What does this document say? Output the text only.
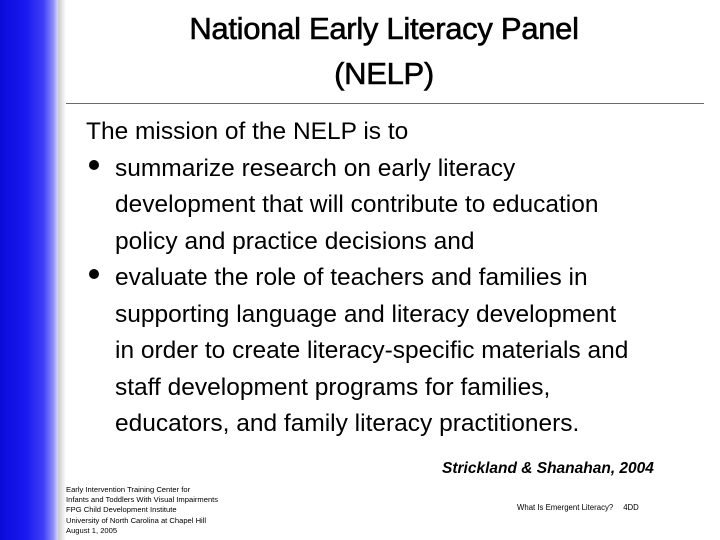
National Early Literacy Panel
(NELP)

The mission of the NELP is to

summarize research on early literacy
development that will contribute to education
policy and practice decisions and
evaluate the role of teachers and families in
supporting language and literacy development
in order to create literacy-specific materials and
staff development programs for families,
educators, and family literacy practitioners.
Strickland & Shanahan, 2004
Early Intervention Training Center for
Infants and Toddlers With Visual Impairments
FPG Child Development Institute
University of North Carolina at Chapel Hill
August 1, 2005
What Is Emergent Literacy? 4DD
